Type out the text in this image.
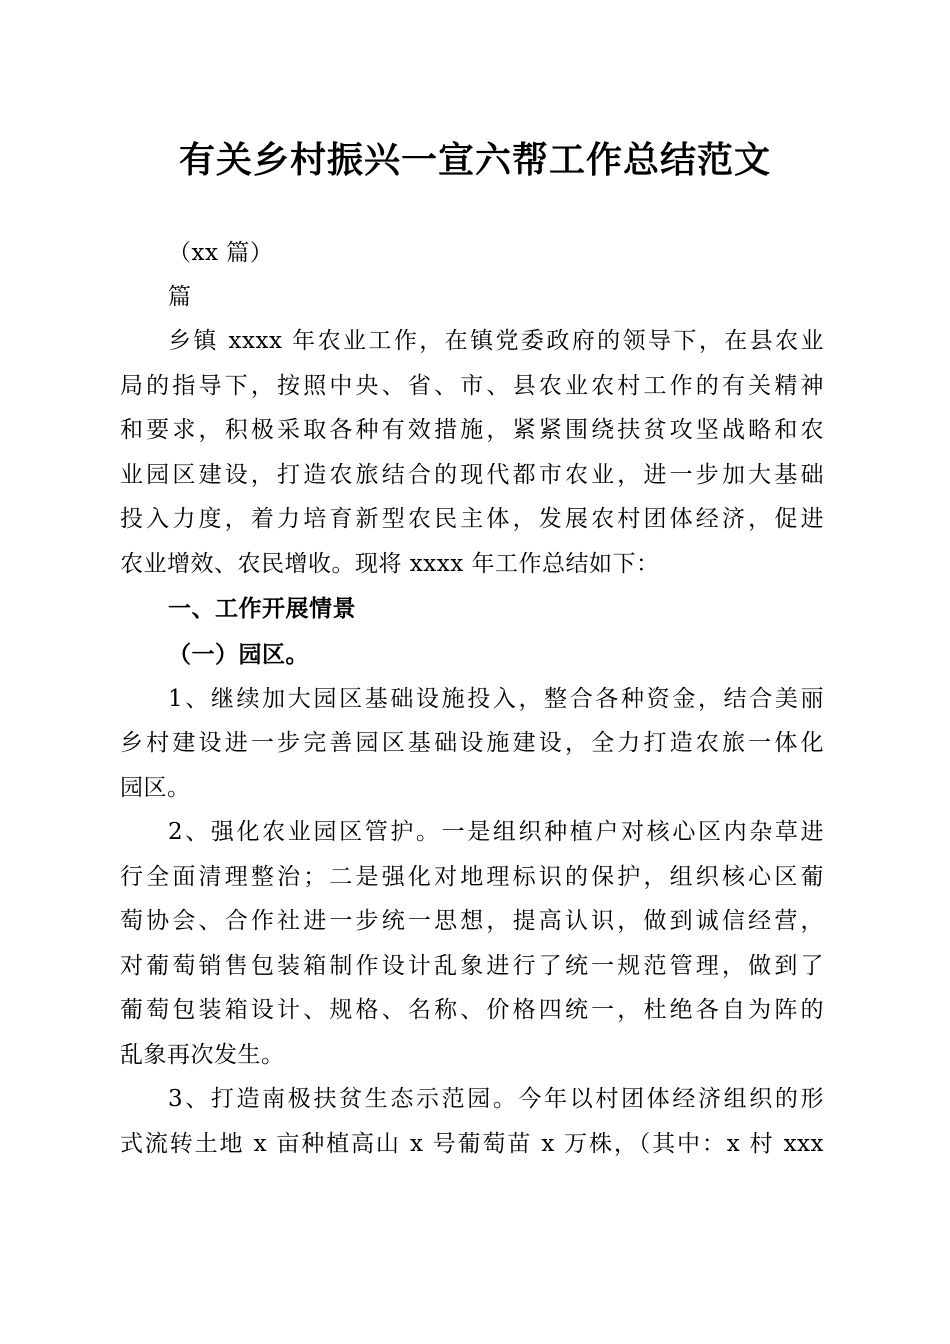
有关乡村振兴一宣六帮工作总结范文
（xx 篇）
篇
乡镇 xxxx 年农业工作，在镇党委政府的领导下，在县农业
局的指导下，按照中央、省、市、县农业农村工作的有关精神
和要求，积极采取各种有效措施，紧紧围绕扶贫攻坚战略和农
业园区建设，打造农旅结合的现代都市农业，进一步加大基础
投入力度，着力培育新型农民主体，发展农村团体经济，促进
农业增效、农民增收。现将 xxxx 年工作总结如下：
一、工作开展情景
（一）园区。
1、继续加大园区基础设施投入，整合各种资金，结合美丽
乡村建设进一步完善园区基础设施建设，全力打造农旅一体化
园区。
2、强化农业园区管护。一是组织种植户对核心区内杂草进
行全面清理整治；二是强化对地理标识的保护，组织核心区葡
萄协会、合作社进一步统一思想，提高认识，做到诚信经营，
对葡萄销售包装箱制作设计乱象进行了统一规范管理，做到了
葡萄包装箱设计、规格、名称、价格四统一，杜绝各自为阵的
乱象再次发生。
3、打造南极扶贫生态示范园。今年以村团体经济组织的形
式流转土地 x 亩种植高山 x 号葡萄苗 x 万株，（其中：x 村 xxx
